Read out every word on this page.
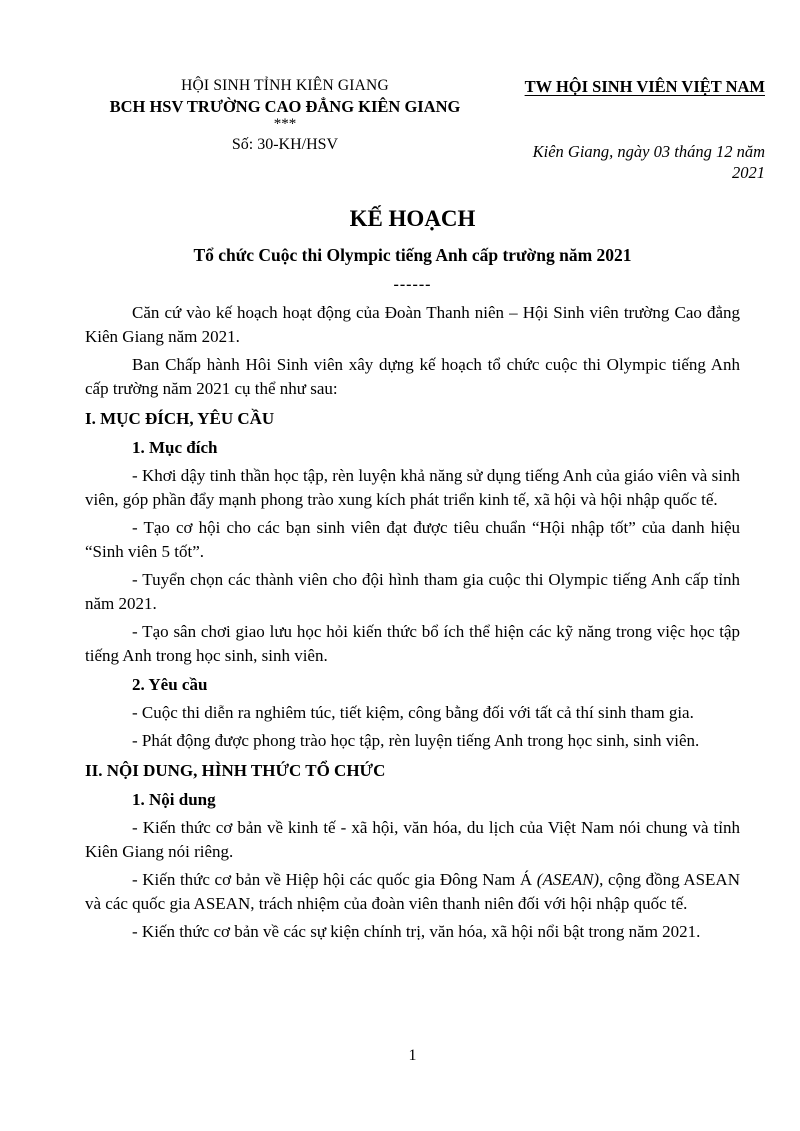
HỘI SINH TỈNH KIÊN GIANG
BCH HSV TRƯỜNG CAO ĐẲNG KIÊN GIANG
***
Số: 30-KH/HSV
TW HỘI SINH VIÊN VIỆT NAM
Kiên Giang, ngày 03 tháng 12 năm 2021
KẾ HOẠCH
Tổ chức Cuộc thi Olympic tiếng Anh cấp trường năm 2021
------

Căn cứ vào kế hoạch hoạt động của Đoàn Thanh niên – Hội Sinh viên trường Cao đẳng Kiên Giang năm 2021.

Ban Chấp hành Hôi Sinh viên xây dựng kế hoạch tổ chức cuộc thi Olympic tiếng Anh cấp trường năm 2021 cụ thể như sau:

I. MỤC ĐÍCH, YÊU CẦU

1. Mục đích

- Khơi dậy tinh thần học tập, rèn luyện khả năng sử dụng tiếng Anh của giáo viên và sinh viên, góp phần đẩy mạnh phong trào xung kích phát triển kinh tế, xã hội và hội nhập quốc tế.

- Tạo cơ hội cho các bạn sinh viên đạt được tiêu chuẩn “Hội nhập tốt” của danh hiệu “Sinh viên 5 tốt”.

- Tuyển chọn các thành viên cho đội hình tham gia cuộc thi Olympic tiếng Anh cấp tỉnh năm 2021.

- Tạo sân chơi giao lưu học hỏi kiến thức bổ ích thể hiện các kỹ năng trong việc học tập tiếng Anh trong học sinh, sinh viên.

2. Yêu cầu

- Cuộc thi diễn ra nghiêm túc, tiết kiệm, công bằng đối với tất cả thí sinh tham gia.

- Phát động được phong trào học tập, rèn luyện tiếng Anh trong học sinh, sinh viên.

II. NỘI DUNG, HÌNH THỨC TỔ CHỨC

1. Nội dung

- Kiến thức cơ bản về kinh tế - xã hội, văn hóa, du lịch của Việt Nam nói chung và tỉnh Kiên Giang nói riêng.

- Kiến thức cơ bản về Hiệp hội các quốc gia Đông Nam Á (ASEAN), cộng đồng ASEAN và các quốc gia ASEAN, trách nhiệm của đoàn viên thanh niên đối với hội nhập quốc tế.

- Kiến thức cơ bản về các sự kiện chính trị, văn hóa, xã hội nổi bật trong năm 2021.

1
